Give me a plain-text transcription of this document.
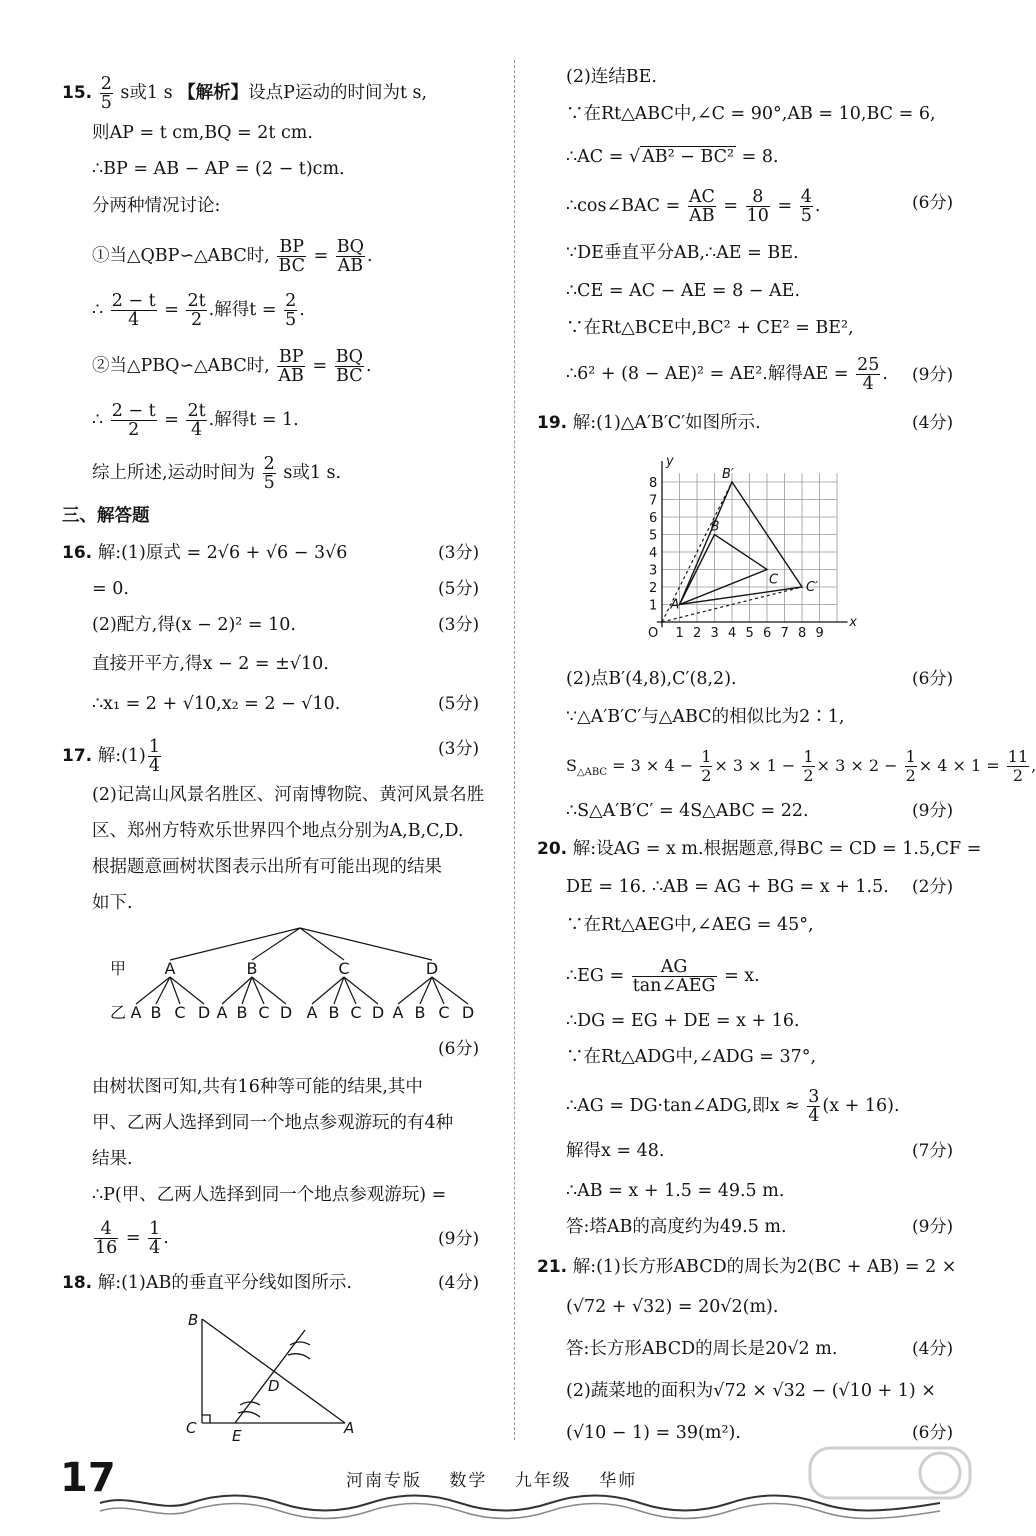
15. $\frac{2}{5}$ s或1 s 【解析】设点P运动的时间为t s,
则AP = t cm,BQ = 2t cm.
∴BP = AB − AP = (2 − t)cm.
分两种情况讨论:
①当△QBP∽△ABC时, $\frac{BP}{BC} = \frac{BQ}{AB}$ .
∴ $\frac{2 - t}{4} = \frac{2t}{2}$ .解得$t = \frac{2}{5}$ .
②当△PBQ∽△ABC时, $\frac{BP}{AB} = \frac{BQ}{BC}$ .
∴ $\frac{2 - t}{2} = \frac{2t}{4}$ .解得t = 1.
综上所述,运动时间为 $\frac{2}{5}$ s或1 s.
三、解答题
16. 解:(1)原式 = 2√6 + √6 − 3√6	(3分)
= 0.	(5分)
(2)配方,得(x − 2)² = 10.	(3分)
直接开平方,得x − 2 = ±√10.
∴x₁ = 2 + √10,x₂ = 2 − √10.	(5分)
17. 解:(1) $\frac{1}{4}$	(3分)
(2)记嵩山风景名胜区、河南博物院、黄河风景名胜
区、郑州方特欢乐世界四个地点分别为A,B,C,D.
根据题意画树状图表示出所有可能出现的结果
如下.
甲 A	B	C	D
乙 A B C D A B C D A B C D A B C D
(6分)
由树状图可知,共有16种等可能的结果,其中
甲、乙两人选择到同一个地点参观游玩的有4种
结果.
∴P(甲、乙两人选择到同一个地点参观游玩) =
$\frac{4}{16} = \frac{1}{4}$ .	(9分)
18. 解:(1)AB的垂直平分线如图所示.	(4分)
B
C	A
D
E
(2)连结BE.
∵在Rt△ABC中,∠C = 90°,AB = 10,BC = 6,
∴AC = √ AB² − BC² = 8.
∴cos∠BAC = $\frac{AC}{AB} = \frac{8}{10} = \frac{4}{5}$ .	(6分)
∵DE垂直平分AB,∴AE = BE.
∴CE = AC − AE = 8 − AE.
∵在Rt△BCE中,BC² + CE² = BE²,
∴6² + (8 − AE)² = AE².解得AE = $\frac{25}{4}$ . (9分)
19. 解:(1)△A′B′C′如图所示.	(4分)
1 2 3 4 5 6 7 8 9
1
2
3
4
5
6
7
8
O
x
y
A
B
C
B′
C′
(2)点B′(4,8),C′(8,2).	(6分)
∵△A′B′C′与△ABC的相似比为2∶1,
$S_{\triangle ABC} = 3 \times 4 - \frac{1}{2} \times 3 \times 1 - \frac{1}{2} \times 3 \times 2 - \frac{1}{2} \times 4 \times 1 = \frac{11}{2}$ ,
∴S△A′B′C′ = 4S△ABC = 22.	(9分)
20. 解:设AG = x m.根据题意,得BC = CD = 1.5,CF =
DE = 16. ∴AB = AG + BG = x + 1.5. (2分)
∵在Rt△AEG中,∠AEG = 45°,
∴EG = $\frac{AG}{\text{tan∠AEG}} = x$.
∴DG = EG + DE = x + 16.
∵在Rt△ADG中,∠ADG = 37°,
∴AG = DG·tan∠ADG,即$x \approx \frac{3}{4} (x + 16)$.
解得x = 48.	(7分)
∴AB = x + 1.5 = 49.5 m.
答:塔AB的高度约为49.5 m.	(9分)
21. 解:(1)长方形ABCD的周长为2(BC + AB) = 2 ×
(√72 + √32) = 20√2(m).
答:长方形ABCD的周长是20√2 m.	(4分)
(2)蔬菜地的面积为√72 × √32 − (√10 + 1) ×
(√10 − 1) = 39(m²).	(6分)
17	河南专版 数学 九年级 华师
